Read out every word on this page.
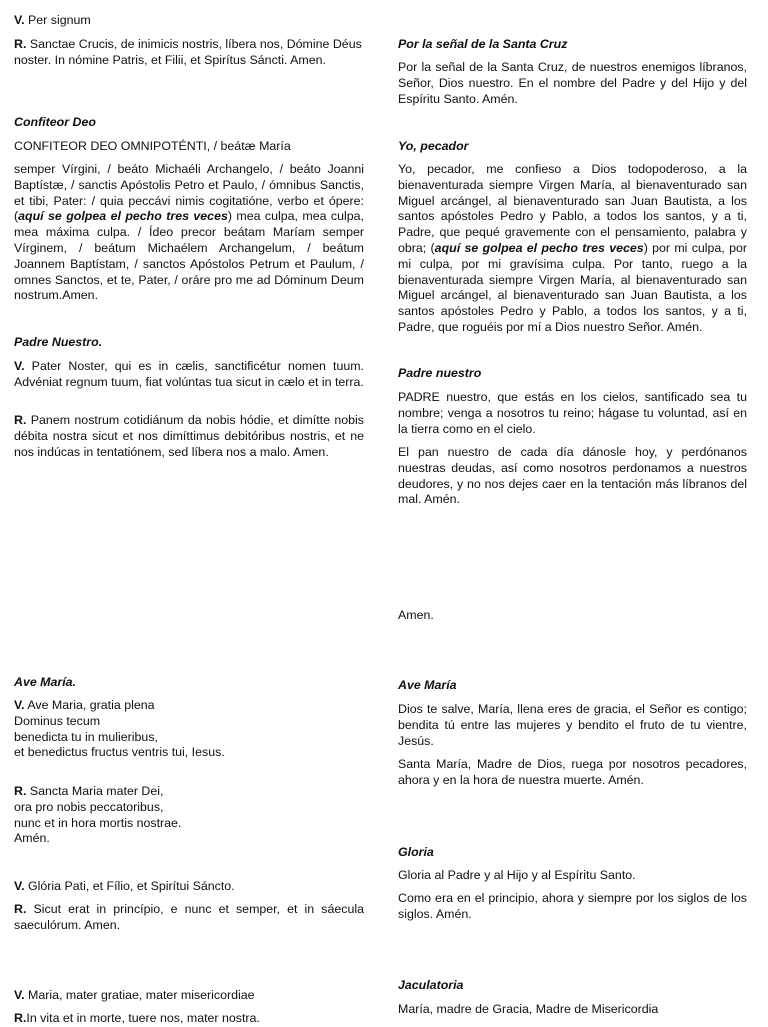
V. Per signum

R. Sanctae Crucis, de inimicis nostris, líbera nos, Dómine Déus noster. In nómine Patris, et Filii, et Spirítus Sáncti. Amen.

Confiteor Deo

CONFITEOR DEO OMNIPOTÉNTI, / beátæ María

semper Vírgini, / beáto Michaéli Archangelo, / beáto Joanni Baptístæ, / sanctis Apóstolis Petro et Paulo, / ómnibus Sanctis, et tibi, Pater: / quia peccávi nimis cogitatióne, verbo et ópere: (aquí se golpea el pecho tres veces) mea culpa, mea culpa, mea máxima culpa. / Ídeo precor beátam Maríam semper Vírginem, / beátum Michaélem Archangelum, / beátum Joannem Baptístam, / sanctos Apóstolos Petrum et Paulum, / omnes Sanctos, et te, Pater, / oráre pro me ad Dóminum Deum nostrum.Amen.

Padre Nuestro.

V. Pater Noster, qui es in cælis, sanctificétur nomen tuum. Advéniat regnum tuum, fiat volúntas tua sicut in cælo et in terra.

R. Panem nostrum cotidiánum da nobis hódie, et dimítte nobis débita nostra sicut et nos dimíttimus debitóribus nostris, et ne nos indúcas in tentatiónem, sed líbera nos a malo. Amen.

Ave María.

V. Ave Maria, gratia plena
Dominus tecum
benedicta tu in mulieribus,
et benedictus fructus ventris tui, Iesus.
R. Sancta Maria mater Dei,
ora pro nobis peccatoribus,
nunc et in hora mortis nostrae.
Amén.

V. Glória Pati, et Fílio, et Spirítui Sáncto.

R. Sicut erat in princípio, e nunc et semper, et in sáecula saeculórum. Amen.

V. Maria, mater gratiae, mater misericordiae

R.In vita et in morte, tuere nos, mater nostra.

Por la señal de la Santa Cruz

Por la señal de la Santa Cruz, de nuestros enemigos líbranos, Señor, Dios nuestro. En el nombre del Padre y del Hijo y del Espíritu Santo. Amén.

Yo, pecador

Yo, pecador, me confieso a Dios todopoderoso, a la bienaventurada siempre Virgen María, al bienaventurado san Miguel arcángel, al bienaventurado san Juan Bautista, a los santos apóstoles Pedro y Pablo, a todos los santos, y a ti, Padre, que pequé gravemente con el pensamiento, palabra y obra; (aquí se golpea el pecho tres veces) por mi culpa, por mi culpa, por mi gravísima culpa. Por tanto, ruego a la bienaventurada siempre Virgen María, al bienaventurado san Miguel arcángel, al bienaventurado san Juan Bautista, a los santos apóstoles Pedro y Pablo, a todos los santos, y a ti, Padre, que roguéis por mí a Dios nuestro Señor. Amén.

Padre nuestro

PADRE nuestro, que estás en los cielos, santificado sea tu nombre; venga a nosotros tu reino; hágase tu voluntad, así en la tierra como en el cielo.

El pan nuestro de cada día dánosle hoy, y perdónanos nuestras deudas, así como nosotros perdonamos a nuestros deudores, y no nos dejes caer en la tentación más líbranos del mal. Amén.

Amen.

Ave María

Dios te salve, María, llena eres de gracia, el Señor es contigo; bendita tú entre las mujeres y bendito el fruto de tu vientre, Jesús.

Santa María, Madre de Dios, ruega por nosotros pecadores, ahora y en la hora de nuestra muerte. Amén.

Gloria

Gloria al Padre y al Hijo y al Espíritu Santo.

Como era en el principio, ahora y siempre por los siglos de los siglos. Amén.

Jaculatoria

María, madre de Gracia, Madre de Misericordia
